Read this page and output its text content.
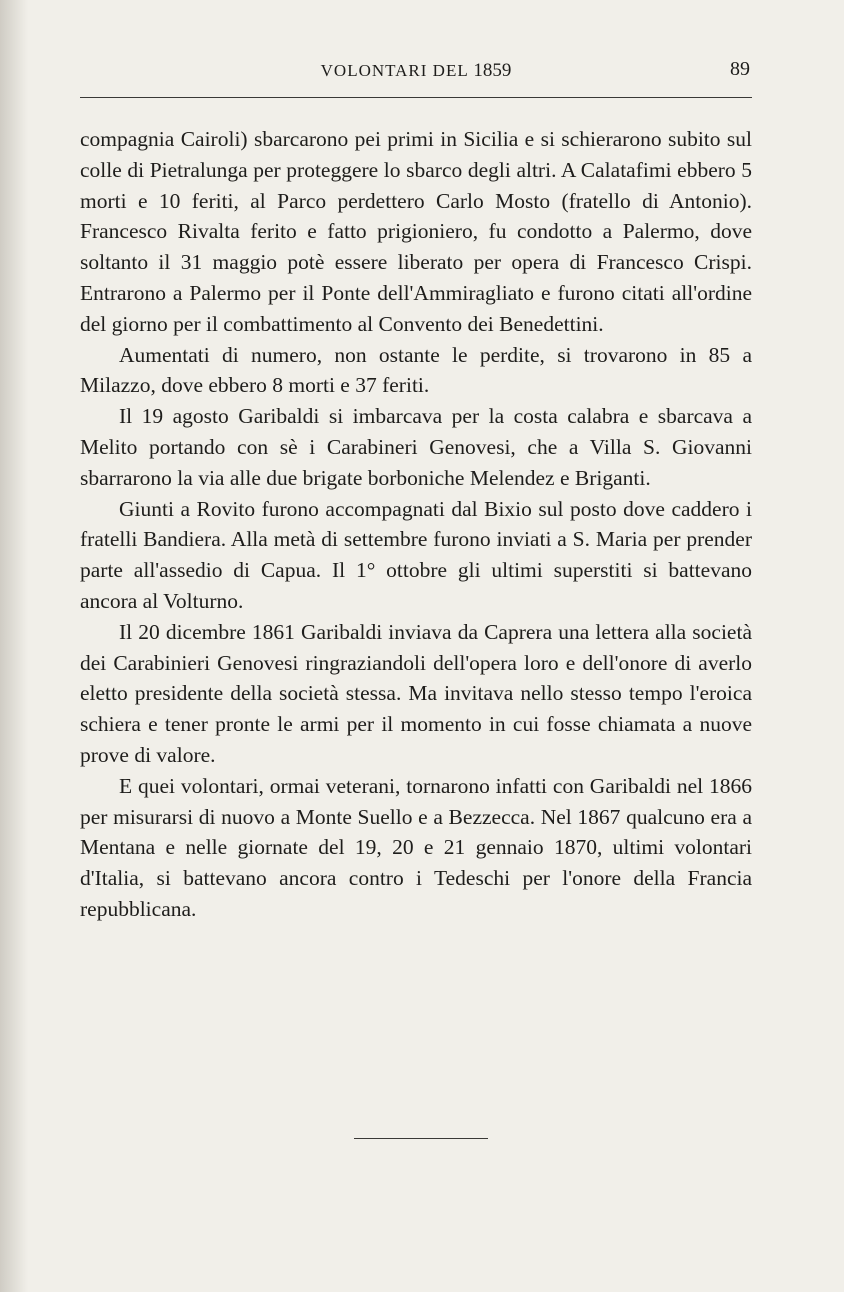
VOLONTARI DEL 1859	89

compagnia Cairoli) sbarcarono pei primi in Sicilia e si schierarono subito sul colle di Pietralunga per proteggere lo sbarco degli altri. A Calatafimi ebbero 5 morti e 10 feriti, al Parco perdettero Carlo Mosto (fratello di Antonio). Francesco Rivalta ferito e fatto prigioniero, fu condotto a Palermo, dove soltanto il 31 maggio potè essere liberato per opera di Francesco Crispi. Entrarono a Palermo per il Ponte dell'Ammiragliato e furono citati all'ordine del giorno per il combattimento al Convento dei Benedettini.

Aumentati di numero, non ostante le perdite, si trovarono in 85 a Milazzo, dove ebbero 8 morti e 37 feriti.

Il 19 agosto Garibaldi si imbarcava per la costa calabra e sbarcava a Melito portando con sè i Carabineri Genovesi, che a Villa S. Giovanni sbarrarono la via alle due brigate borboniche Melendez e Briganti.

Giunti a Rovito furono accompagnati dal Bixio sul posto dove caddero i fratelli Bandiera. Alla metà di settembre furono inviati a S. Maria per prender parte all'assedio di Capua. Il 1° ottobre gli ultimi superstiti si battevano ancora al Volturno.

Il 20 dicembre 1861 Garibaldi inviava da Caprera una lettera alla società dei Carabinieri Genovesi ringraziandoli dell'opera loro e dell'onore di averlo eletto presidente della società stessa. Ma invitava nello stesso tempo l'eroica schiera e tener pronte le armi per il momento in cui fosse chiamata a nuove prove di valore.

E quei volontari, ormai veterani, tornarono infatti con Garibaldi nel 1866 per misurarsi di nuovo a Monte Suello e a Bezzecca. Nel 1867 qualcuno era a Mentana e nelle giornate del 19, 20 e 21 gennaio 1870, ultimi volontari d'Italia, si battevano ancora contro i Tedeschi per l'onore della Francia repubblicana.
